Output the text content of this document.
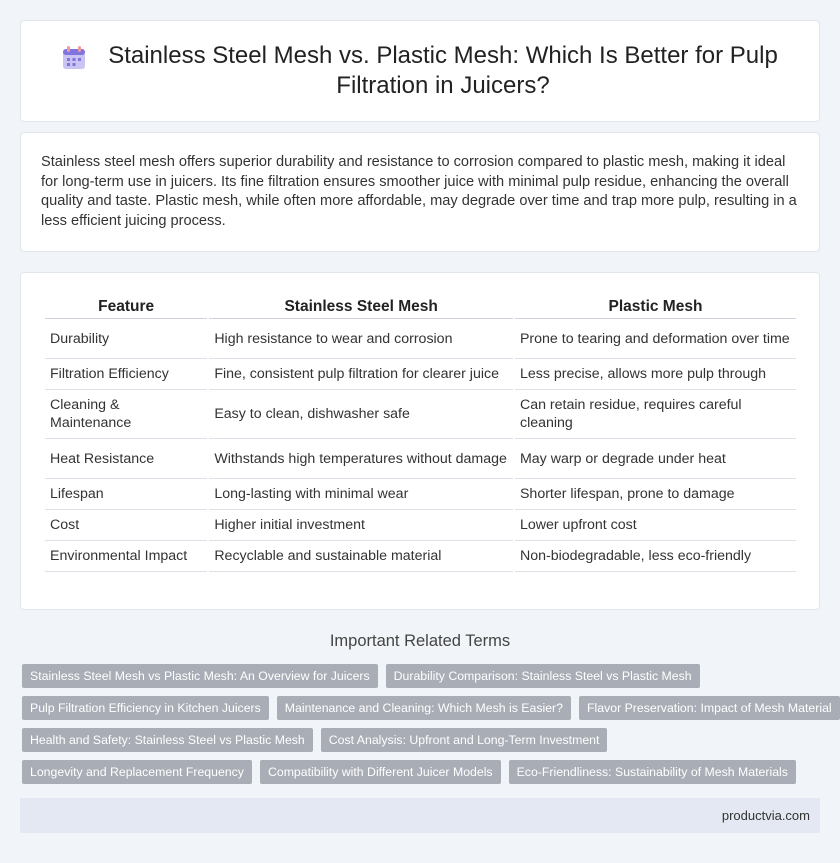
Stainless Steel Mesh vs. Plastic Mesh: Which Is Better for Pulp Filtration in Juicers?

Stainless steel mesh offers superior durability and resistance to corrosion compared to plastic mesh, making it ideal for long-term use in juicers. Its fine filtration ensures smoother juice with minimal pulp residue, enhancing the overall quality and taste. Plastic mesh, while often more affordable, may degrade over time and trap more pulp, resulting in a less efficient juicing process.

Feature	Stainless Steel Mesh	Plastic Mesh
Durability	High resistance to wear and corrosion	Prone to tearing and deformation over time
Filtration Efficiency	Fine, consistent pulp filtration for clearer juice	Less precise, allows more pulp through
Cleaning & Maintenance	Easy to clean, dishwasher safe	Can retain residue, requires careful cleaning
Heat Resistance	Withstands high temperatures without damage	May warp or degrade under heat
Lifespan	Long-lasting with minimal wear	Shorter lifespan, prone to damage
Cost	Higher initial investment	Lower upfront cost
Environmental Impact	Recyclable and sustainable material	Non-biodegradable, less eco-friendly
Important Related Terms
Stainless Steel Mesh vs Plastic Mesh: An Overview for Juicers	Durability Comparison: Stainless Steel vs Plastic Mesh
Pulp Filtration Efficiency in Kitchen Juicers	Maintenance and Cleaning: Which Mesh is Easier?	Flavor Preservation: Impact of Mesh Material
Health and Safety: Stainless Steel vs Plastic Mesh	Cost Analysis: Upfront and Long-Term Investment
Longevity and Replacement Frequency	Compatibility with Different Juicer Models	Eco-Friendliness: Sustainability of Mesh Materials
productvia.com
